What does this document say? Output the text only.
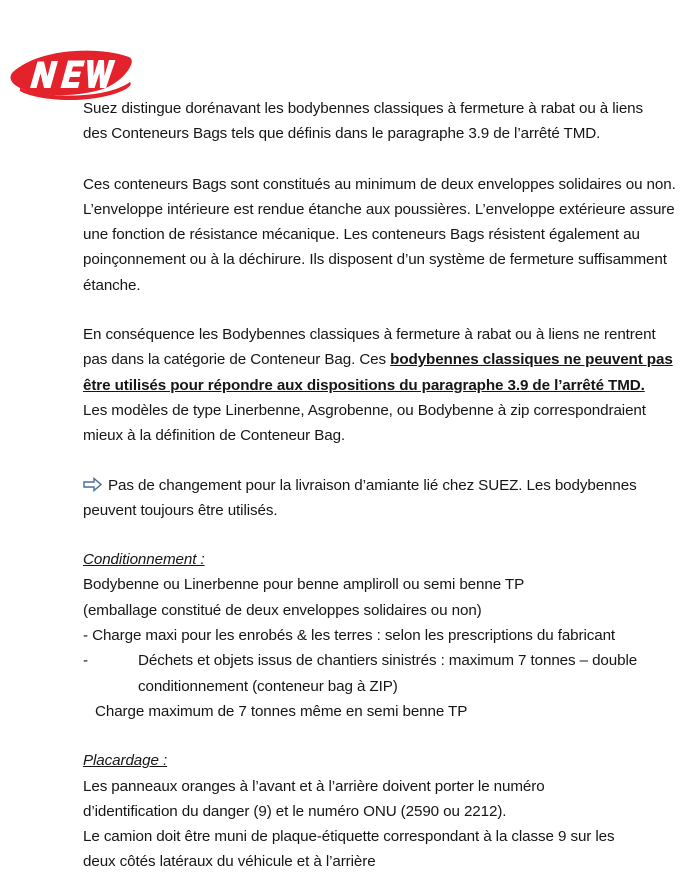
Suez distingue dorénavant les bodybennes classiques à fermeture à rabat ou à liens
des Conteneurs Bags tels que définis dans le paragraphe 3.9 de l’arrêté TMD.
Ces conteneurs Bags sont constitués au minimum de deux enveloppes solidaires ou non. L’enveloppe intérieure est rendue étanche aux poussières. L’enveloppe extérieure assure une fonction de résistance mécanique. Les conteneurs Bags résistent également au poinçonnement ou à la déchirure. Ils disposent d’un système de fermeture suffisamment étanche.
En conséquence les Bodybennes classiques à fermeture à rabat ou à liens ne rentrent pas dans la catégorie de Conteneur Bag. Ces bodybennes classiques ne peuvent pas être utilisés pour répondre aux dispositions du paragraphe 3.9 de l’arrêté TMD.
Les modèles de type Linerbenne, Asgrobenne, ou Bodybenne à zip correspondraient mieux à la définition de Conteneur Bag.
Pas de changement pour la livraison d’amiante lié chez SUEZ. Les bodybennes peuvent toujours être utilisés.
Conditionnement :
Bodybenne ou Linerbenne pour benne ampliroll ou semi benne TP
(emballage constitué de deux enveloppes solidaires ou non)
- Charge maxi pour les enrobés & les terres : selon les prescriptions du fabricant
-	Déchets et objets issus de chantiers sinistrés : maximum 7 tonnes – double
conditionnement (conteneur bag à ZIP)
Charge maximum de 7 tonnes même en semi benne TP
Placardage :
Les panneaux oranges à l’avant et à l’arrière doivent porter le numéro
d’identification du danger (9) et le numéro ONU (2590 ou 2212).
Le camion doit être muni de plaque-étiquette correspondant à la classe 9 sur les
deux côtés latéraux du véhicule et à l’arrière
